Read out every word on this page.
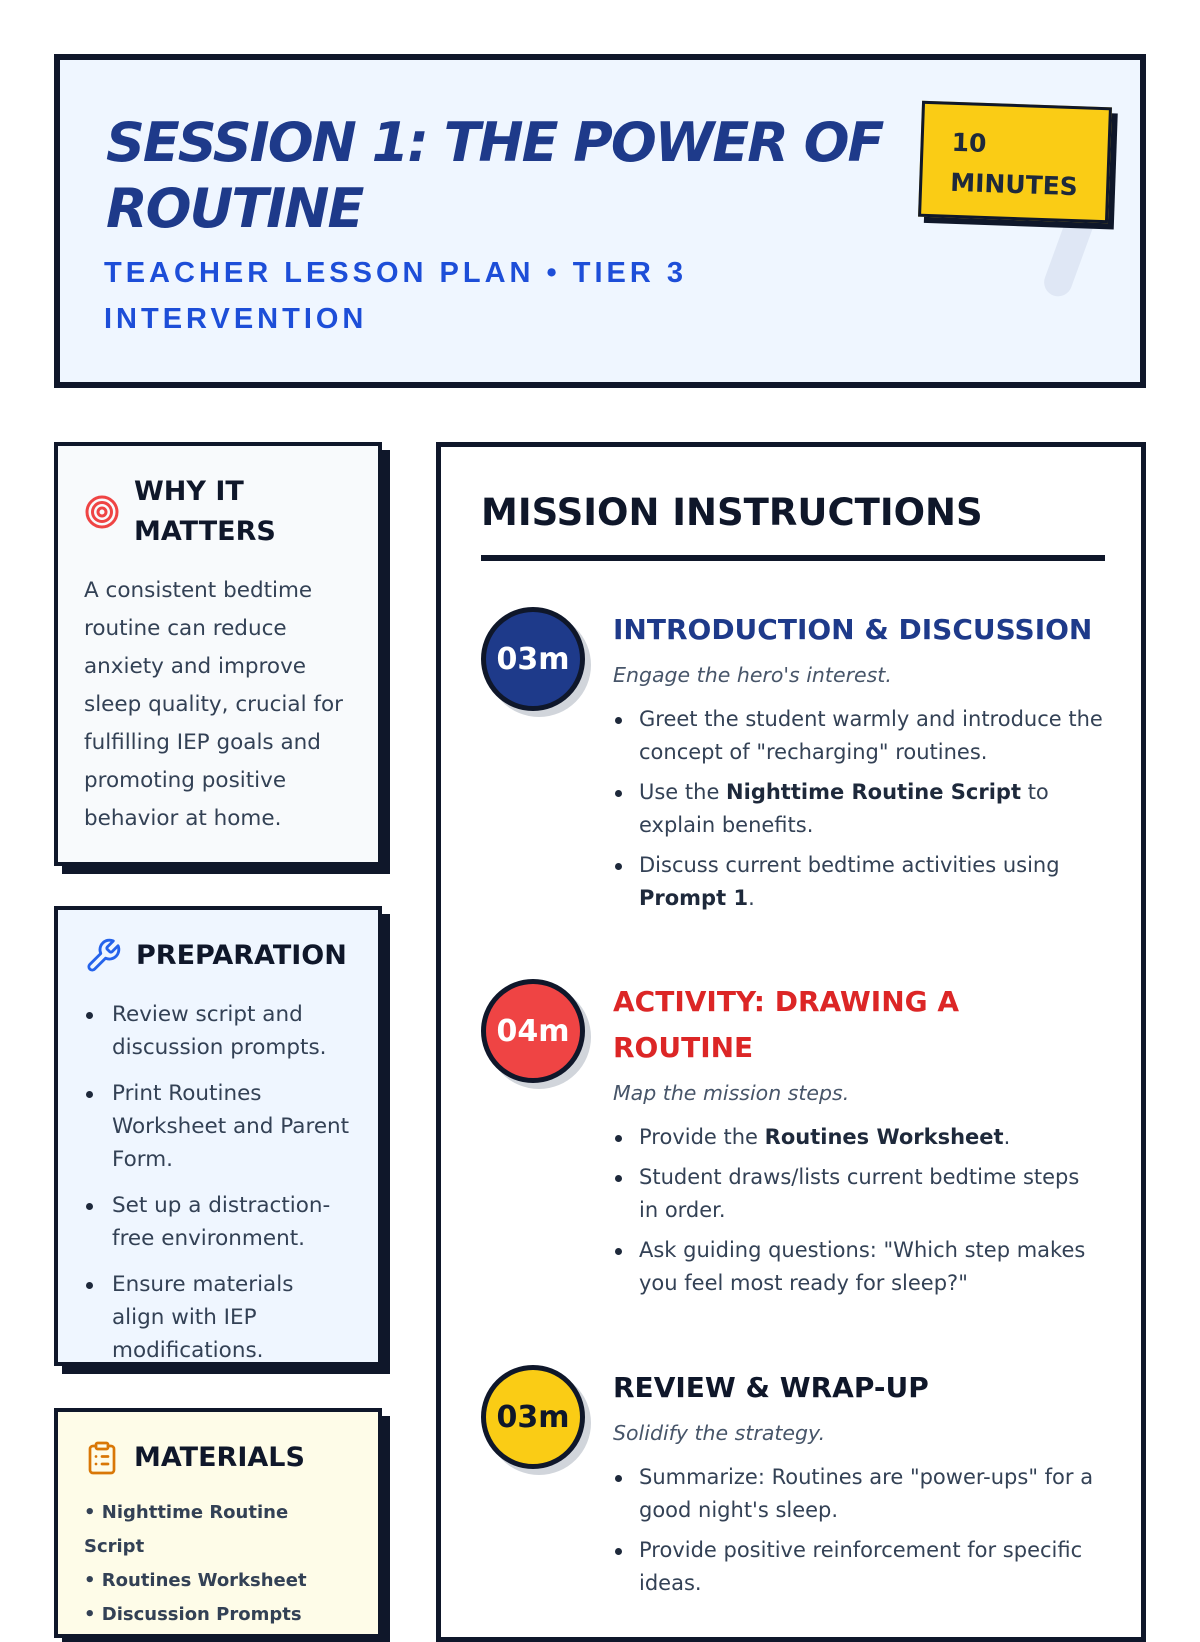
SESSION 1: THE POWER OF ROUTINE
TEACHER LESSON PLAN • TIER 3 INTERVENTION
10 MINUTES
WHY IT MATTERS

A consistent bedtime routine can reduce anxiety and improve sleep quality, crucial for fulfilling IEP goals and promoting positive behavior at home.

PREPARATION
Review script and discussion prompts.
Print Routines Worksheet and Parent Form.
Set up a distraction-free environment.
Ensure materials align with IEP modifications.
MATERIALS
• Nighttime Routine Script
• Routines Worksheet
• Discussion Prompts
MISSION INSTRUCTIONS
03m
INTRODUCTION & DISCUSSION
Engage the hero's interest.
Greet the student warmly and introduce the concept of "recharging" routines.
Use the Nighttime Routine Script to explain benefits.
Discuss current bedtime activities using Prompt 1.
04m
ACTIVITY: DRAWING A ROUTINE
Map the mission steps.
Provide the Routines Worksheet.
Student draws/lists current bedtime steps in order.
Ask guiding questions: "Which step makes you feel most ready for sleep?"
03m
REVIEW & WRAP-UP
Solidify the strategy.
Summarize: Routines are "power-ups" for a good night's sleep.
Provide positive reinforcement for specific ideas.
